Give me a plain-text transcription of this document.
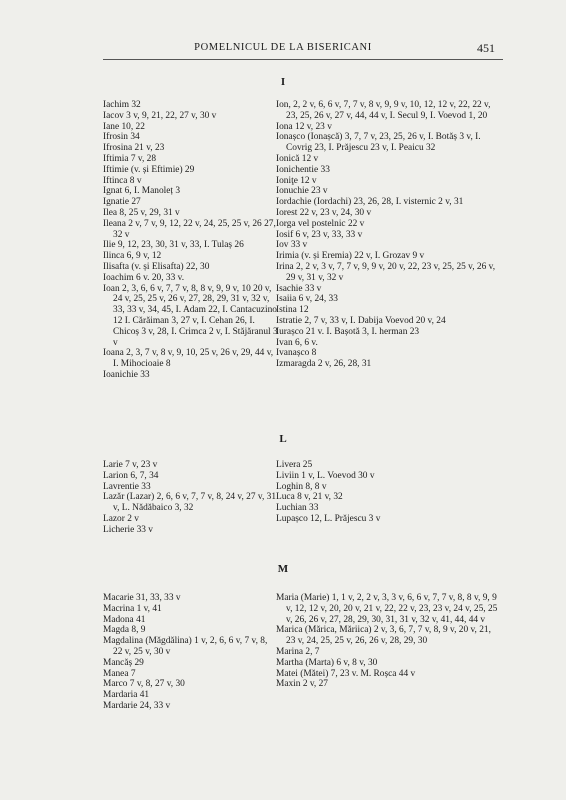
POMELNICUL DE LA BISERICANI	451
I
Iachim 32
Iacov 3 v, 9, 21, 22, 27 v, 30 v
Iane 10, 22
Ifrosin 34
Ifrosina 21 v, 23
Iftimia 7 v, 28
Iftimie (v. și Eftimie) 29
Iftinca 8 v
Ignat 6, I. Manoleț 3
Ignatie 27
Ilea 8, 25 v, 29, 31 v
Ileana 2 v, 7 v, 9, 12, 22 v, 24, 25, 25 v, 26 27, 32 v
Ilie 9, 12, 23, 30, 31 v, 33, I. Tulaș 26
Ilinca 6, 9 v, 12
Ilisafta (v. și Elisafta) 22, 30
Ioachim 6 v. 20, 33 v.
Ioan 2, 3, 6, 6 v, 7, 7 v, 8, 8 v, 9, 9 v, 10 20 v, 24 v, 25, 25 v, 26 v, 27, 28, 29, 31 v, 32 v, 33, 33 v, 34, 45, I. Adam 22, I. Cantacuzino 12 I. Cărăiman 3, 27 v, I. Cehan 26, I. Chicoș 3 v, 28, I. Crimca 2 v, I. Stăjăranul 3 v
Ioana 2, 3, 7 v, 8 v, 9, 10, 25 v, 26 v, 29, 44 v, I. Mihocioaie 8
Ioanichie 33
Ion, 2, 2 v, 6, 6 v, 7, 7 v, 8 v, 9, 9 v, 10, 12, 12 v, 22, 22 v, 23, 25, 26 v, 27 v, 44, 44 v, I. Secul 9, I. Voevod 1, 20
Iona 12 v, 23 v
Ionașco (Ionașcă) 3, 7, 7 v, 23, 25, 26 v, I. Botăș 3 v, I. Covrig 23, I. Prăjescu 23 v, I. Peaicu 32
Ionică 12 v
Ionichentie 33
Ioniţe 12 v
Ionuchie 23 v
Iordachie (Iordachi) 23, 26, 28, I. visternic 2 v, 31
Iorest 22 v, 23 v, 24, 30 v
Iorga vel postelnic 22 v
Iosif 6 v, 23 v, 33, 33 v
Iov 33 v
Irimia (v. și Eremia) 22 v, I. Grozav 9 v
Irina 2, 2 v, 3 v, 7, 7 v, 9, 9 v, 20 v, 22, 23 v, 25, 25 v, 26 v, 29 v, 31 v, 32 v
Isachie 33 v
Isaiia 6 v, 24, 33
Istina 12
Istratie 2, 7 v, 33 v, I. Dabija Voevod 20 v, 24
Iurașco 21 v. I. Bașotă 3, I. herman 23
Ivan 6, 6 v.
Ivanașco 8
Izmaragda 2 v, 26, 28, 31
L
Larie 7 v, 23 v
Larion 6, 7, 34
Lavrentie 33
Lazăr (Lazar) 2, 6, 6 v, 7, 7 v, 8, 24 v, 27 v, 31 v, L. Nădăbaico 3, 32
Lazor 2 v
Licherie 33 v
Livera 25
Liviin 1 v, L. Voevod 30 v
Loghin 8, 8 v
Luca 8 v, 21 v, 32
Luchian 33
Lupașco 12, L. Prăjescu 3 v
M
Macarie 31, 33, 33 v
Macrina 1 v, 41
Madona 41
Magda 8, 9
Magdalina (Măgdălina) 1 v, 2, 6, 6 v, 7 v, 8, 22 v, 25 v, 30 v
Mancăș 29
Manea 7
Marco 7 v, 8, 27 v, 30
Mardaria 41
Mardarie 24, 33 v
Maria (Marie) 1, 1 v, 2, 2 v, 3, 3 v, 6, 6 v, 7, 7 v, 8, 8 v, 9, 9 v, 12, 12 v, 20, 20 v, 21 v, 22, 22 v, 23, 23 v, 24 v, 25, 25 v, 26, 26 v, 27, 28, 29, 30, 31, 31 v, 32 v, 41, 44, 44 v
Marica (Mărica, Măriica) 2 v, 3, 6, 7, 7 v, 8, 9 v, 20 v, 21, 23 v, 24, 25, 25 v, 26, 26 v, 28, 29, 30
Marina 2, 7
Martha (Marta) 6 v, 8 v, 30
Matei (Mătei) 7, 23 v. M. Roșca 44 v
Maxin 2 v, 27
